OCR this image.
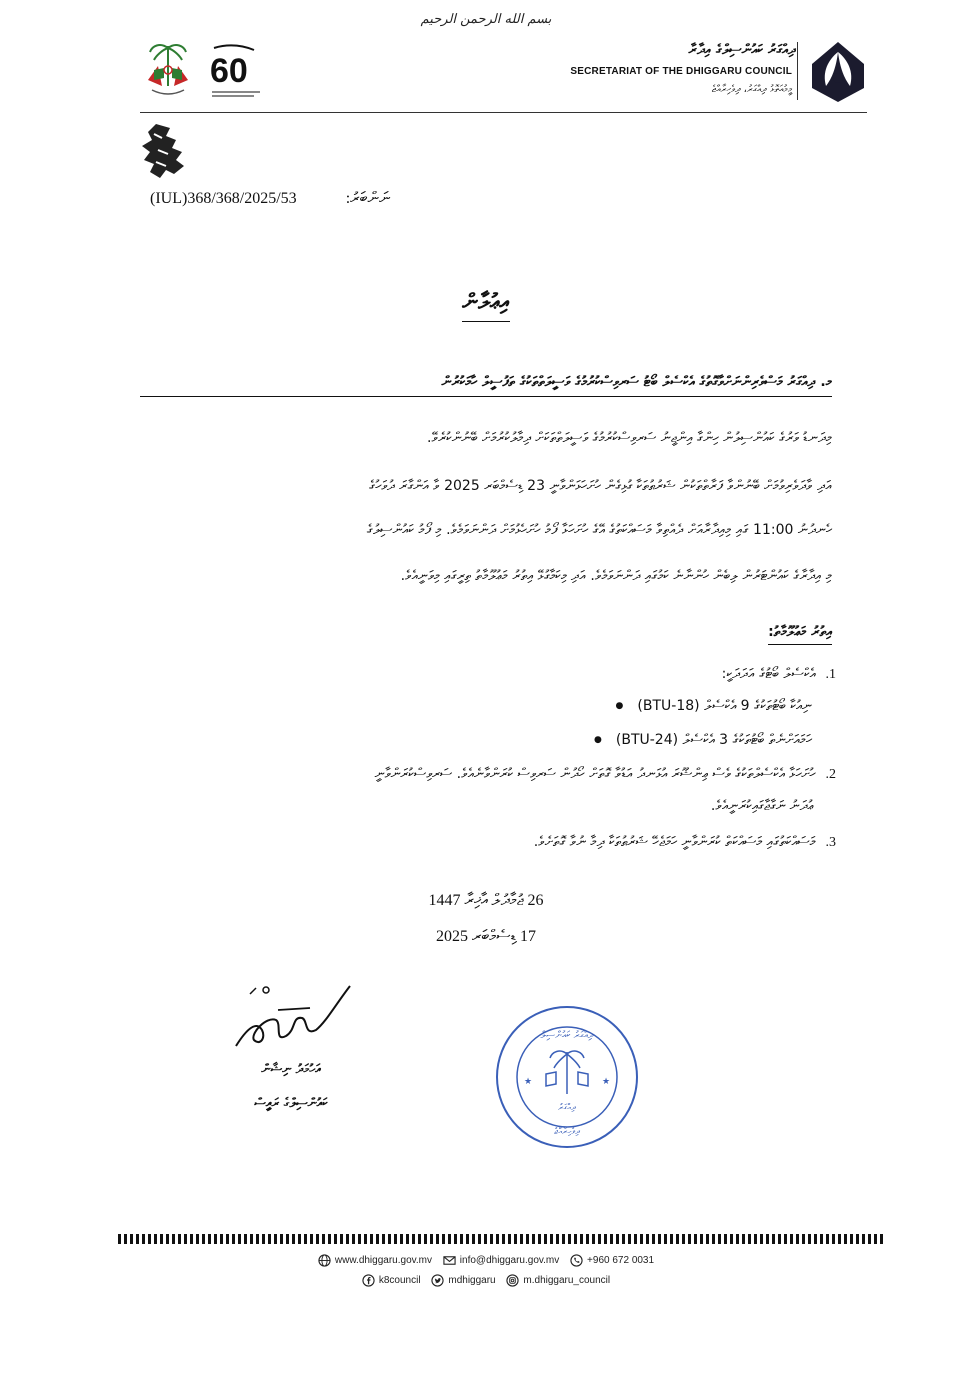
بسم الله الرحمن الرحيم
60
ދިއްގަރު ކައުންސިލްގެ އިދާރާ
SECRETARIAT OF THE DHIGGARU COUNCIL
މީމުއަތޮޅު ދިއްގަރު، ދިވެހިރާއްޖެ
(IUL)368/368/2025/53	ނަންބަރު:
އިޢުލާން
މ. ދިއްގަރު މަސްވެރިންނަށްވާގޮތުގެ އެކްސެލް ބޯޓު ސަރވިސްކުރުމުގެ ވަސީލަތްތަކުގެ ތަފުސީލް ހާމަކުރުން
މިދަނޑު ވަރުގެ ކައުންސިލުން ހިންގާ އިންޖީނު ސަރވިސްކުރުމުގެ ވަސީލަތްތަކަށް ދިމާލުކުރުމަށް ބޭނުންކުރެވޭ.
އަދި ވާދަވެރިވުމަށް ބޭނުންވާ ފަރާތްތަކުން ޝަރުޠުތަކާ ގުޅިގެން ހުށަހަޅަންވާނީ 23 ޑިސެމްބަރ 2025 ވާ އަންގާރަ ދުވަހުގެ
ހެނދުނު 11:00 ގައި މިއިދާރާއަށް ދެއްތިވާ މަސައްކަތުގެ އޭގެ ހުށަހަޅާ ފޯމު ހުށަހެޅުމަށް ދަންނަވަމެވެ. މި ފޯމު ކައުންސިލުގެ
މި އިދާރާގެ ކައުންޓަރުން ލިބެން ހުންނާނެ ކަމުގައި ދަންނަވަމެވެ. އަދި މިކަމާގުޅޭ އިތުރު މަޢުލޫމާތު ތިރީގައި މިވަނީއެވެ.
އިތުރު މަޢުލޫމާތު:
1.އެކްސެލް ބޯޓުގެ އަދަދަކީ:
ނިއުކާ ބޯޓުތަކުގެ 9 އެކްސެލް (BTU-18) ●
ހަމައަށްނެތް ބޯޓުތަކުގެ 3 އެކްސެލް (BTU-24) ●
2.ހުށަހަޅާ އެކްސެލްތަކުގެ ވެސް ޢިންޝޫރަ އުޅަނދު އަޑުވާ ގޮތަށް ހޯދުން ސަރވިސް ކުރަންވާނެއެވެ. ސަރވިސްކުރަންވާނީ
ޢުދަނު ނަގާޖާގައިކުރަނީއެވެ.
3.މަސައްކަތުގައި މަސައްކަތް ކުރަންވާނީ ހަމަޖެހޭ ޝަރުޠުތަކާ ދިމާ ނުވާ ގޮތަށެވެ.
26 ޖުމާދުލް އާޚިރާ 1447
17 ޑިސެމްބަރ 2025
އަހުމަދު ނިޝާން
ކައުންސިލްގެ ރައީސް
ދިއްގަރު ކައުންސިލް
★	★
ދިއްގަރު
ދިވެހިރާއްޖެ
www.dhiggaru.gov.mv
	info@dhiggaru.gov.mv
	+960 672 0031
k8council
	mdhiggaru
	m.dhiggaru_council
